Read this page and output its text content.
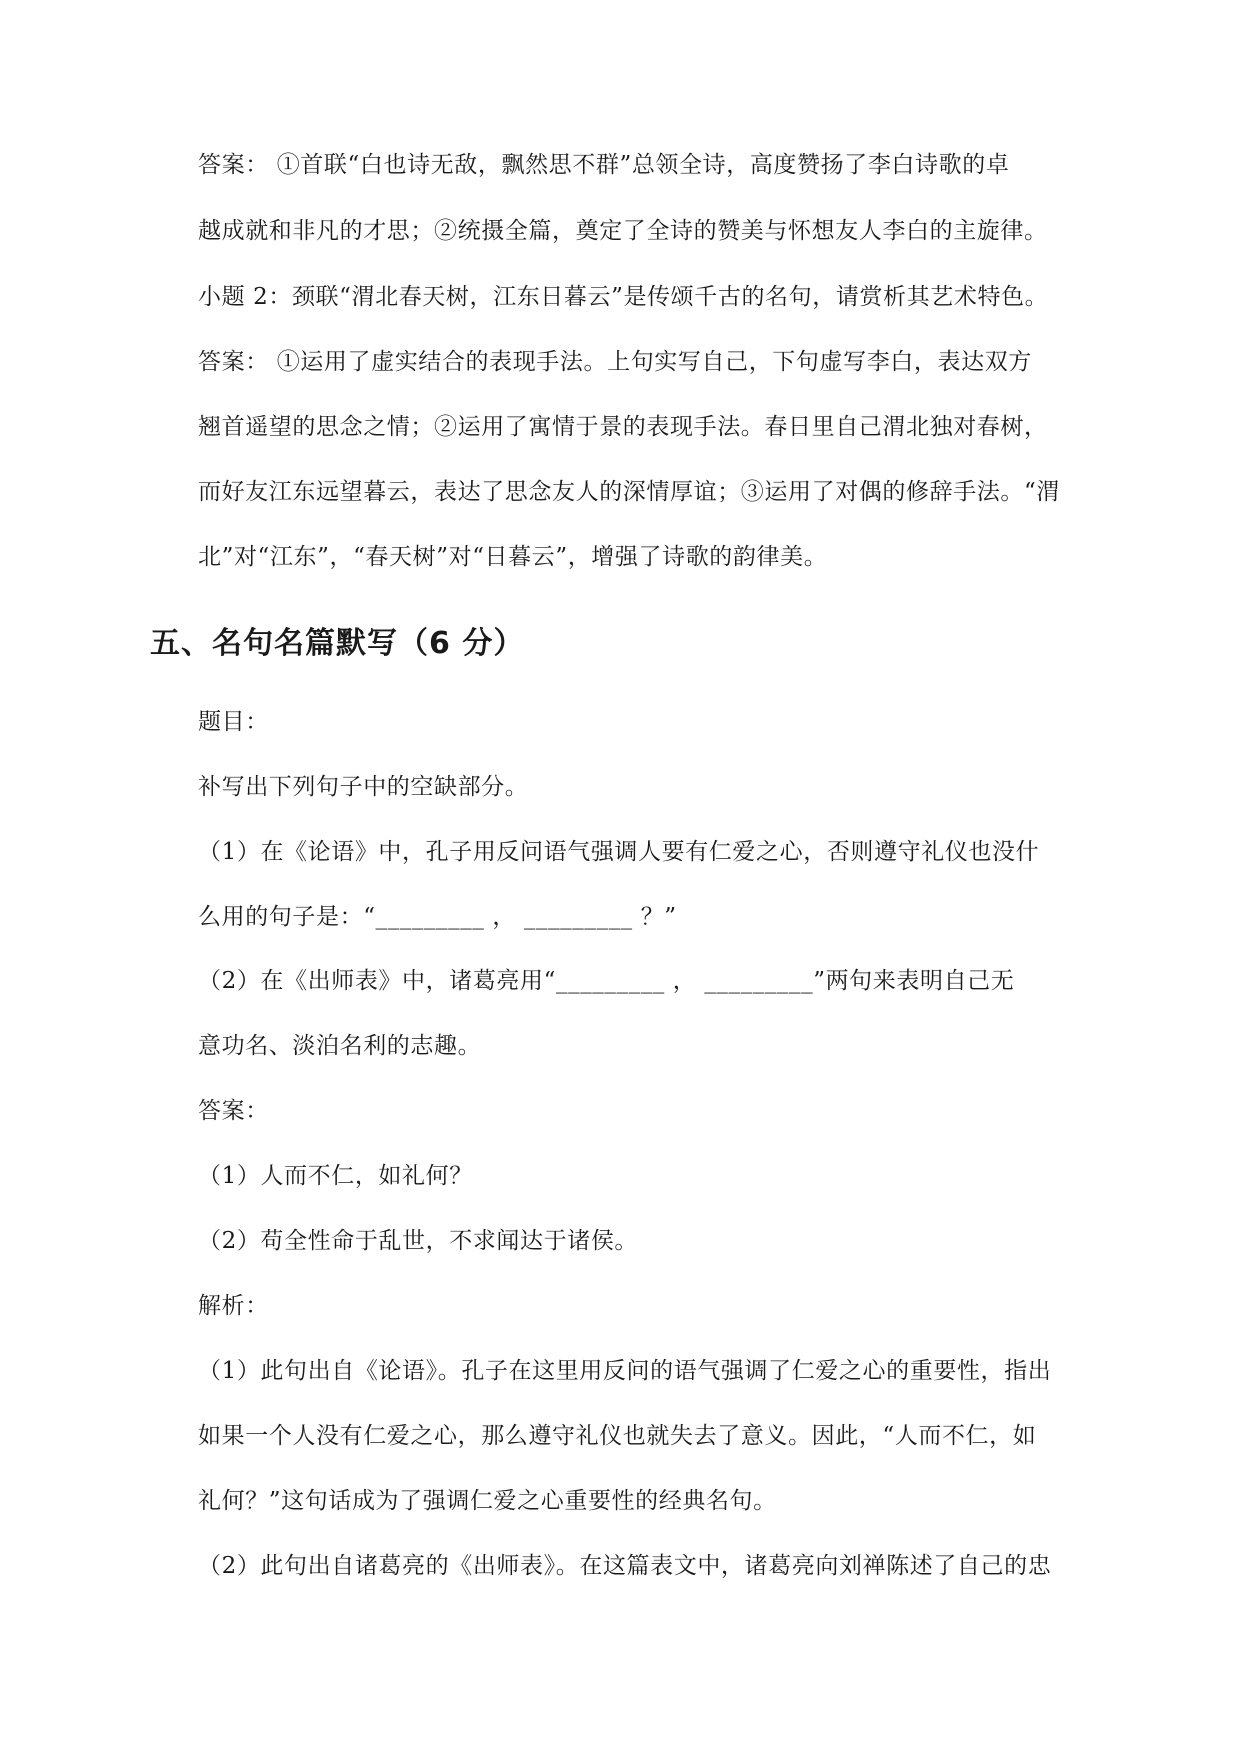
答案： ①首联“白也诗无敌，飘然思不群”总领全诗，高度赞扬了李白诗歌的卓
越成就和非凡的才思；②统摄全篇，奠定了全诗的赞美与怀想友人李白的主旋律。
小题 2：颈联“渭北春天树，江东日暮云”是传颂千古的名句，请赏析其艺术特色。
答案： ①运用了虚实结合的表现手法。上句实写自己，下句虚写李白，表达双方
翘首遥望的思念之情；②运用了寓情于景的表现手法。春日里自己渭北独对春树，
而好友江东远望暮云，表达了思念友人的深情厚谊；③运用了对偶的修辞手法。“渭
北”对“江东”，“春天树”对“日暮云”，增强了诗歌的韵律美。
五、名句名篇默写（6 分）
题目：
补写出下列句子中的空缺部分。
（1）在《论语》中，孔子用反问语气强调人要有仁爱之心，否则遵守礼仪也没什
么用的句子是：“_________ ， _________ ？”
（2）在《出师表》中，诸葛亮用“_________ ， _________”两句来表明自己无
意功名、淡泊名利的志趣。
答案：
（1）人而不仁，如礼何？
（2）苟全性命于乱世，不求闻达于诸侯。
解析：
（1）此句出自《论语》。孔子在这里用反问的语气强调了仁爱之心的重要性，指出
如果一个人没有仁爱之心，那么遵守礼仪也就失去了意义。因此，“人而不仁，如
礼何？”这句话成为了强调仁爱之心重要性的经典名句。
（2）此句出自诸葛亮的《出师表》。在这篇表文中，诸葛亮向刘禅陈述了自己的忠
